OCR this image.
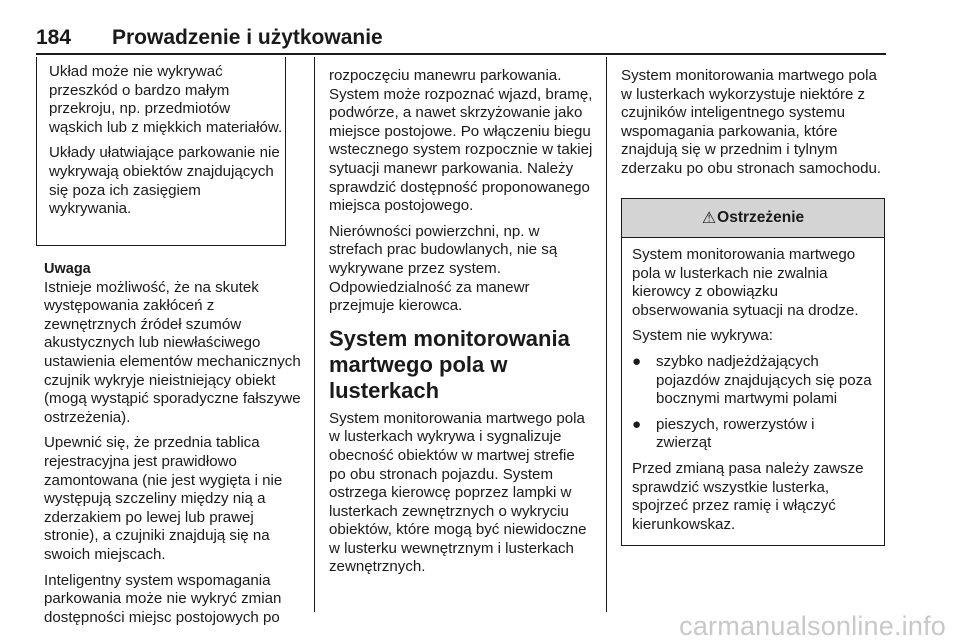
184 Prowadzenie i użytkowanie

Układ może nie wykrywać przeszkód o bardzo małym przekroju, np. przedmiotów wąskich lub z miękkich materiałów.

Układy ułatwiające parkowanie nie wykrywają obiektów znajdujących się poza ich zasięgiem wykrywania.

Uwaga

Istnieje możliwość, że na skutek występowania zakłóceń z zewnętrznych źródeł szumów akustycznych lub niewłaściwego ustawienia elementów mechanicznych czujnik wykryje nieistniejący obiekt (mogą wystąpić sporadyczne fałszywe ostrzeżenia).

Upewnić się, że przednia tablica rejestracyjna jest prawidłowo zamontowana (nie jest wygięta i nie występują szczeliny między nią a zderzakiem po lewej lub prawej stronie), a czujniki znajdują się na swoich miejscach.

Inteligentny system wspomagania parkowania może nie wykryć zmian dostępności miejsc postojowych po

rozpoczęciu manewru parkowania. System może rozpoznać wjazd, bramę, podwórze, a nawet skrzyżowanie jako miejsce postojowe. Po włączeniu biegu wstecznego system rozpocznie w takiej sytuacji manewr parkowania. Należy sprawdzić dostępność proponowanego miejsca postojowego.

Nierówności powierzchni, np. w strefach prac budowlanych, nie są wykrywane przez system. Odpowiedzialność za manewr przejmuje kierowca.

System monitorowania martwego pola w lusterkach

System monitorowania martwego pola w lusterkach wykrywa i sygnalizuje obecność obiektów w martwej strefie po obu stronach pojazdu. System ostrzega kierowcę poprzez lampki w lusterkach zewnętrznych o wykryciu obiektów, które mogą być niewidoczne w lusterku wewnętrznym i lusterkach zewnętrznych.

System monitorowania martwego pola w lusterkach wykorzystuje niektóre z czujników inteligentnego systemu wspomagania parkowania, które znajdują się w przednim i tylnym zderzaku po obu stronach samochodu.

⚠ Ostrzeżenie

System monitorowania martwego pola w lusterkach nie zwalnia kierowcy z obowiązku obserwowania sytuacji na drodze.

System nie wykrywa:

● szybko nadjeżdżających pojazdów znajdujących się poza bocznymi martwymi polami
● pieszych, rowerzystów i zwierząt

Przed zmianą pasa należy zawsze sprawdzić wszystkie lusterka, spojrzeć przez ramię i włączyć kierunkowskaz.

carmanualsonline.info
